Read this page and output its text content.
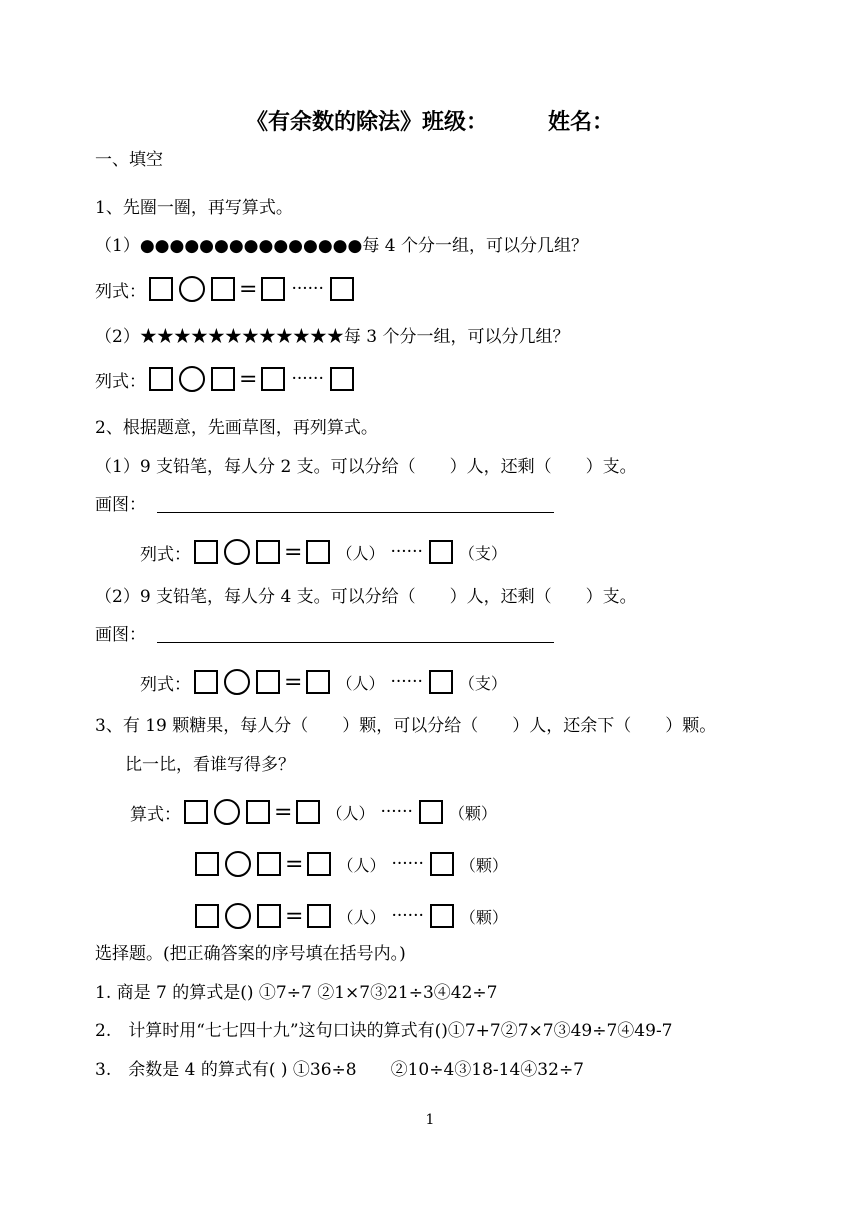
《有余数的除法》班级：	姓名：
一、填空
1、先圈一圈，再写算式。
（1）●●●●●●●●●●●●●●●每 4 个分一组，可以分几组？
列式：	= ······
（2）★★★★★★★★★★★★每 3 个分一组，可以分几组？
列式：	= ······
2、根据题意，先画草图，再列算式。
（1）9 支铅笔，每人分 2 支。可以分给（　　）人，还剩（　　）支。
画图：
列式：	= （人） ······ （支）
（2）9 支铅笔，每人分 4 支。可以分给（　　）人，还剩（　　）支。
画图：
列式：	= （人） ······ （支）
3、有 19 颗糖果，每人分（　　）颗，可以分给（　　）人，还余下（　　）颗。
比一比，看谁写得多？
算式：	= （人） ······ （颗）
= （人） ······ （颗）
= （人） ······ （颗）
选择题。(把正确答案的序号填在括号内。)
1. 商是 7 的算式是() ①7÷7 ②1×7③21÷3④42÷7
2.　计算时用“七七四十九”这句口诀的算式有()①7+7②7×7③49÷7④49-7
3.　余数是 4 的算式有( ) ①36÷8　　②10÷4③18-14④32÷7
1
